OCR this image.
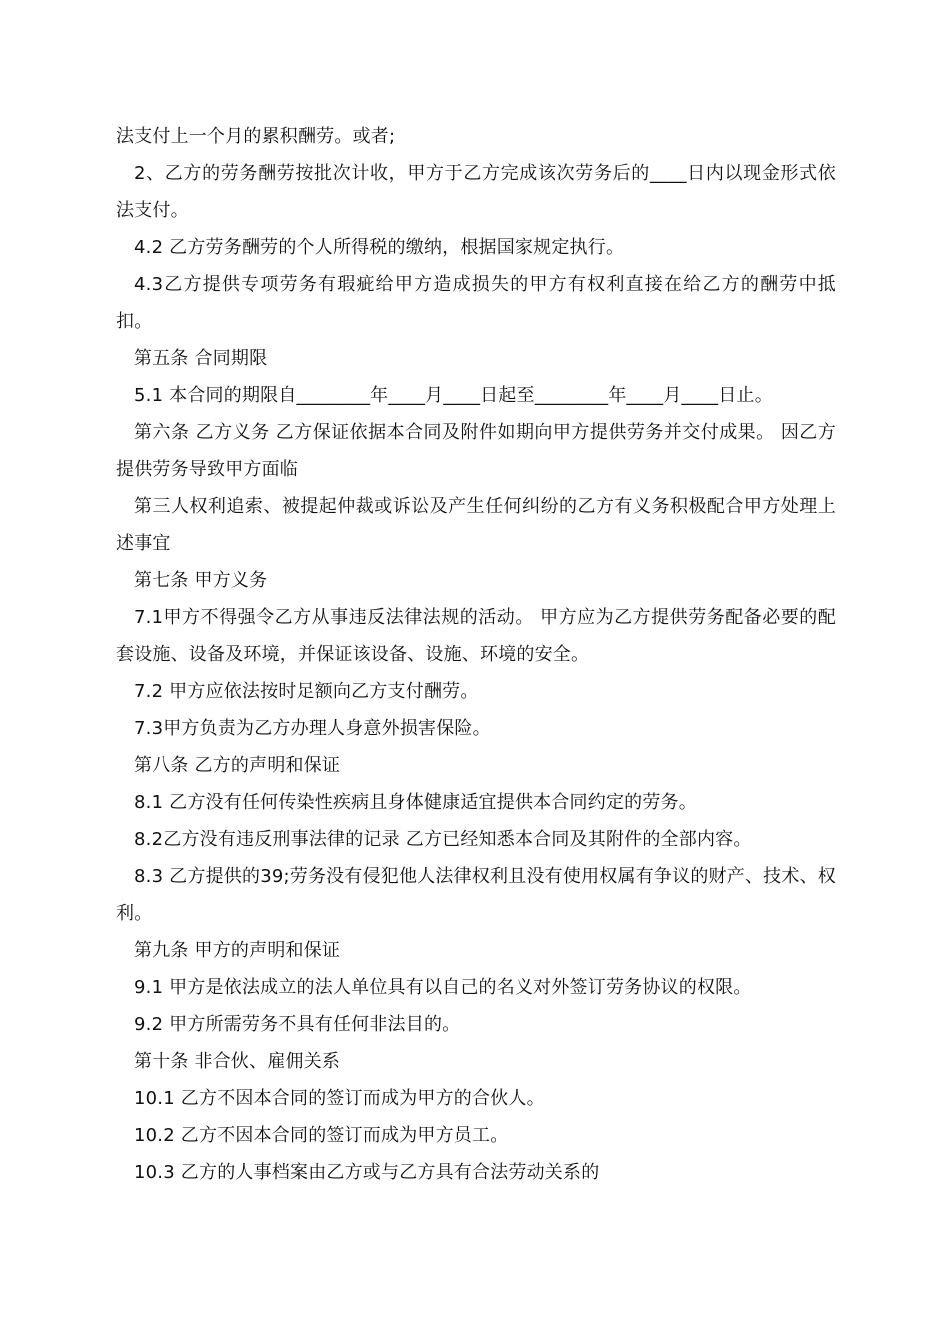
法支付上一个月的累积酬劳。或者;

2、乙方的劳务酬劳按批次计收，甲方于乙方完成该次劳务后的____日内以现金形式依法支付。

4.2 乙方劳务酬劳的个人所得税的缴纳，根据国家规定执行。

4.3乙方提供专项劳务有瑕疵给甲方造成损失的甲方有权利直接在给乙方的酬劳中抵扣。

第五条 合同期限

5.1 本合同的期限自________年____月____日起至________年____月____日止。

第六条 乙方义务 乙方保证依据本合同及附件如期向甲方提供劳务并交付成果。 因乙方提供劳务导致甲方面临

第三人权利追索、被提起仲裁或诉讼及产生任何纠纷的乙方有义务积极配合甲方处理上述事宜

第七条 甲方义务

7.1甲方不得强令乙方从事违反法律法规的活动。 甲方应为乙方提供劳务配备必要的配套设施、设备及环境，并保证该设备、设施、环境的安全。

7.2 甲方应依法按时足额向乙方支付酬劳。

7.3甲方负责为乙方办理人身意外损害保险。

第八条 乙方的声明和保证

8.1 乙方没有任何传染性疾病且身体健康适宜提供本合同约定的劳务。

8.2乙方没有违反刑事法律的记录 乙方已经知悉本合同及其附件的全部内容。

8.3 乙方提供的39;劳务没有侵犯他人法律权利且没有使用权属有争议的财产、技术、权利。

第九条 甲方的声明和保证

9.1 甲方是依法成立的法人单位具有以自己的名义对外签订劳务协议的权限。

9.2 甲方所需劳务不具有任何非法目的。

第十条 非合伙、雇佣关系

10.1 乙方不因本合同的签订而成为甲方的合伙人。

10.2 乙方不因本合同的签订而成为甲方员工。

10.3 乙方的人事档案由乙方或与乙方具有合法劳动关系的
